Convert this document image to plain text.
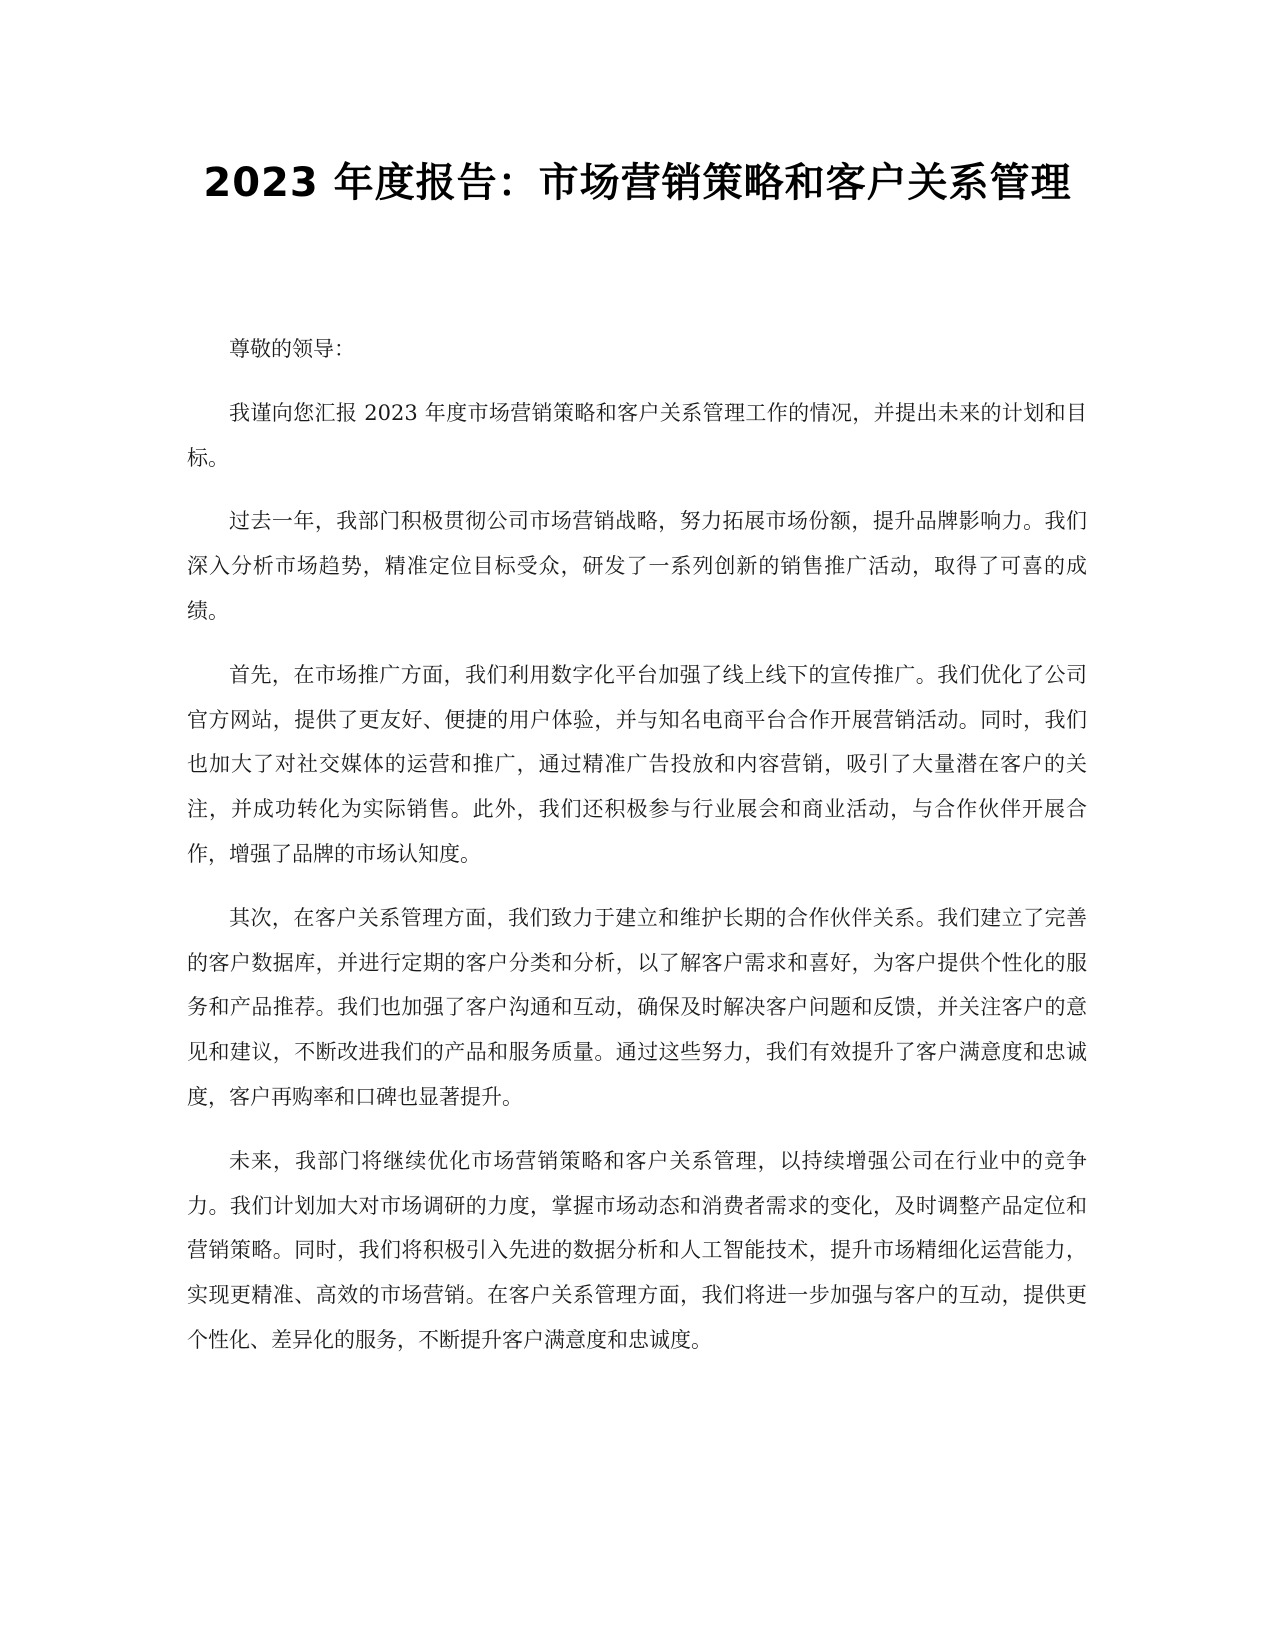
2023 年度报告：市场营销策略和客户关系管理

尊敬的领导：

我谨向您汇报 2023 年度市场营销策略和客户关系管理工作的情况，并提出未来的计划和目标。

过去一年，我部门积极贯彻公司市场营销战略，努力拓展市场份额，提升品牌影响力。我们深入分析市场趋势，精准定位目标受众，研发了一系列创新的销售推广活动，取得了可喜的成绩。

首先，在市场推广方面，我们利用数字化平台加强了线上线下的宣传推广。我们优化了公司官方网站，提供了更友好、便捷的用户体验，并与知名电商平台合作开展营销活动。同时，我们也加大了对社交媒体的运营和推广，通过精准广告投放和内容营销，吸引了大量潜在客户的关注，并成功转化为实际销售。此外，我们还积极参与行业展会和商业活动，与合作伙伴开展合作，增强了品牌的市场认知度。

其次，在客户关系管理方面，我们致力于建立和维护长期的合作伙伴关系。我们建立了完善的客户数据库，并进行定期的客户分类和分析，以了解客户需求和喜好，为客户提供个性化的服务和产品推荐。我们也加强了客户沟通和互动，确保及时解决客户问题和反馈，并关注客户的意见和建议，不断改进我们的产品和服务质量。通过这些努力，我们有效提升了客户满意度和忠诚度，客户再购率和口碑也显著提升。

未来，我部门将继续优化市场营销策略和客户关系管理，以持续增强公司在行业中的竞争力。我们计划加大对市场调研的力度，掌握市场动态和消费者需求的变化，及时调整产品定位和营销策略。同时，我们将积极引入先进的数据分析和人工智能技术，提升市场精细化运营能力，实现更精准、高效的市场营销。在客户关系管理方面，我们将进一步加强与客户的互动，提供更个性化、差异化的服务，不断提升客户满意度和忠诚度。
